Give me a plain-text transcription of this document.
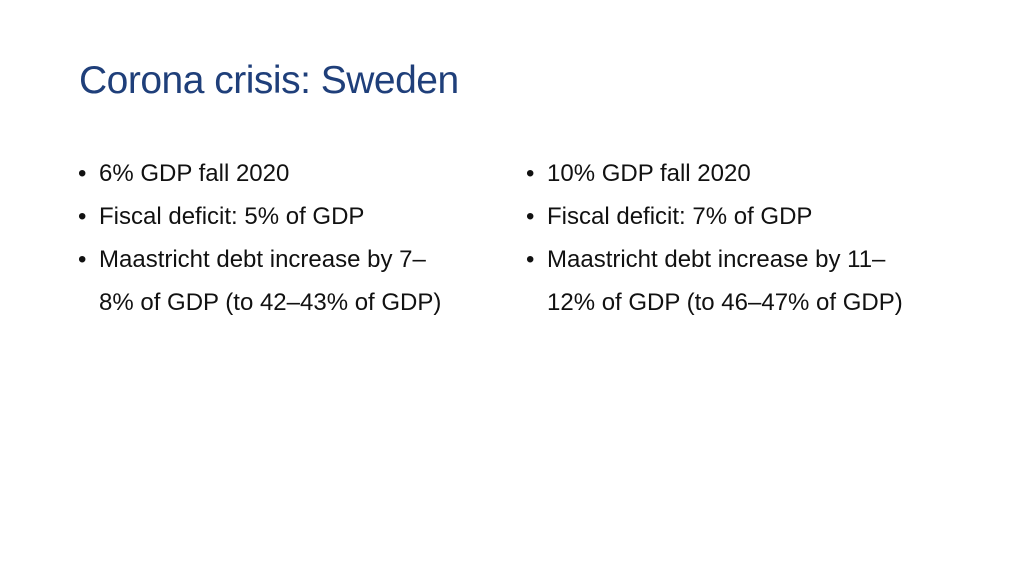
Corona crisis: Sweden
• 6% GDP fall 2020
• Fiscal deficit: 5% of GDP
• Maastricht debt increase by 7–8% of GDP (to 42–43% of GDP)
• 10% GDP fall 2020
• Fiscal deficit: 7% of GDP
• Maastricht debt increase by 11–12% of GDP (to 46–47% of GDP)
